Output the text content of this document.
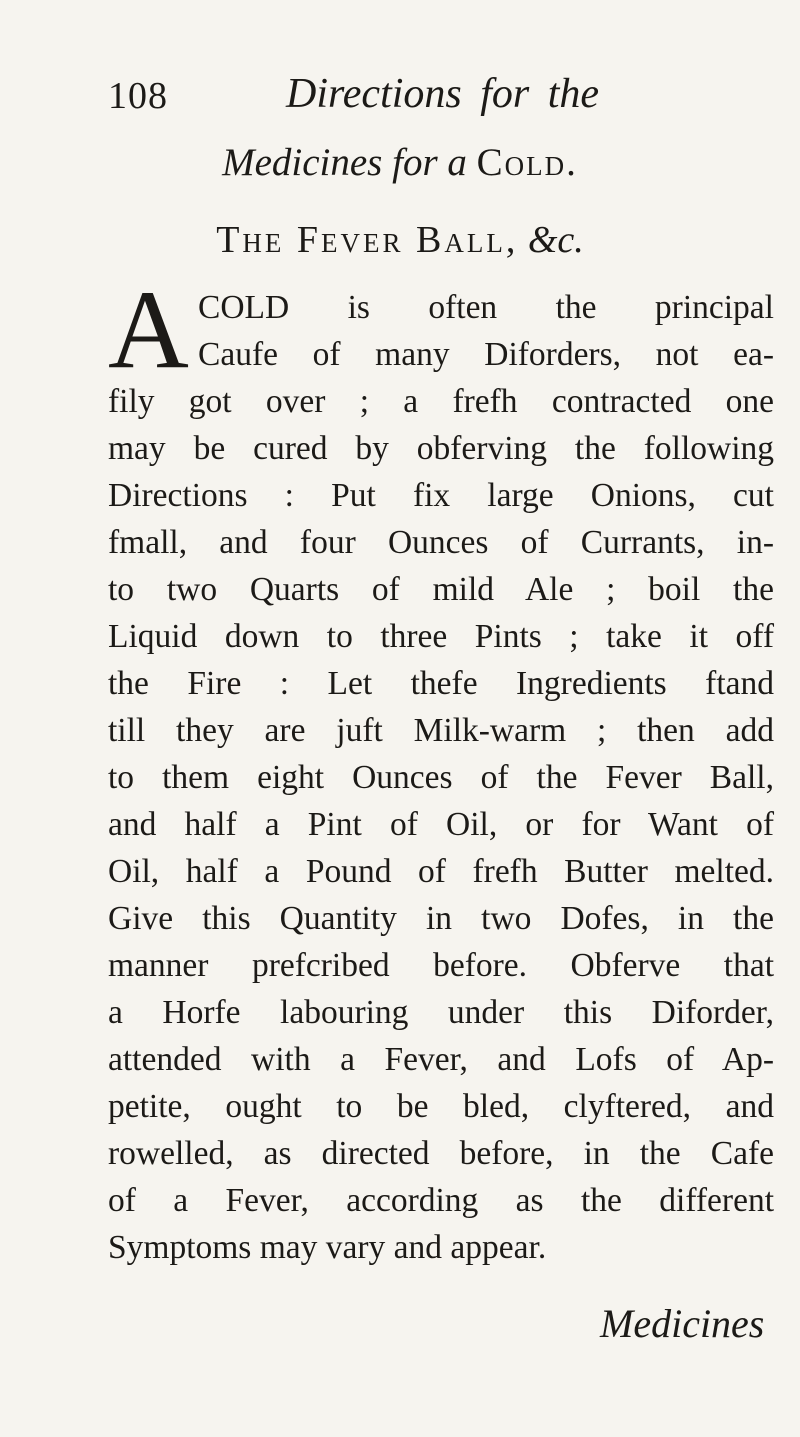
108	Directions for the
Medicines for a Cold.
The Fever Ball, &c.
A COLD is often the principal
Caufe of many Diforders, not ea-
fily got over ; a frefh contracted one
may be cured by obferving the following
Directions : Put fix large Onions, cut
fmall, and four Ounces of Currants, in-
to two Quarts of mild Ale ; boil the
Liquid down to three Pints ; take it off
the Fire : Let thefe Ingredients ftand
till they are juft Milk-warm ; then add
to them eight Ounces of the Fever Ball,
and half a Pint of Oil, or for Want of
Oil, half a Pound of frefh Butter melted.
Give this Quantity in two Dofes, in the
manner prefcribed before. Obferve that
a Horfe labouring under this Diforder,
attended with a Fever, and Lofs of Ap-
petite, ought to be bled, clyftered, and
rowelled, as directed before, in the Cafe
of a Fever, according as the different
Symptoms may vary and appear.
Medicines
